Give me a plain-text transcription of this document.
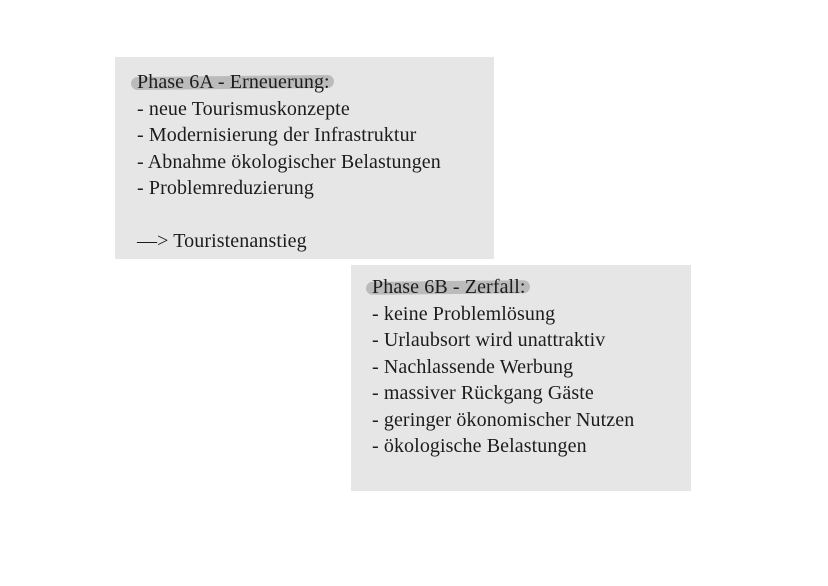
Phase 6A - Erneuerung:
- neue Tourismuskonzepte
- Modernisierung der Infrastruktur
- Abnahme ökologischer Belastungen
- Problemreduzierung
—> Touristenanstieg
Phase 6B - Zerfall:
- keine Problemlösung
- Urlaubsort wird unattraktiv
- Nachlassende Werbung
- massiver Rückgang Gäste
- geringer ökonomischer Nutzen
- ökologische Belastungen
